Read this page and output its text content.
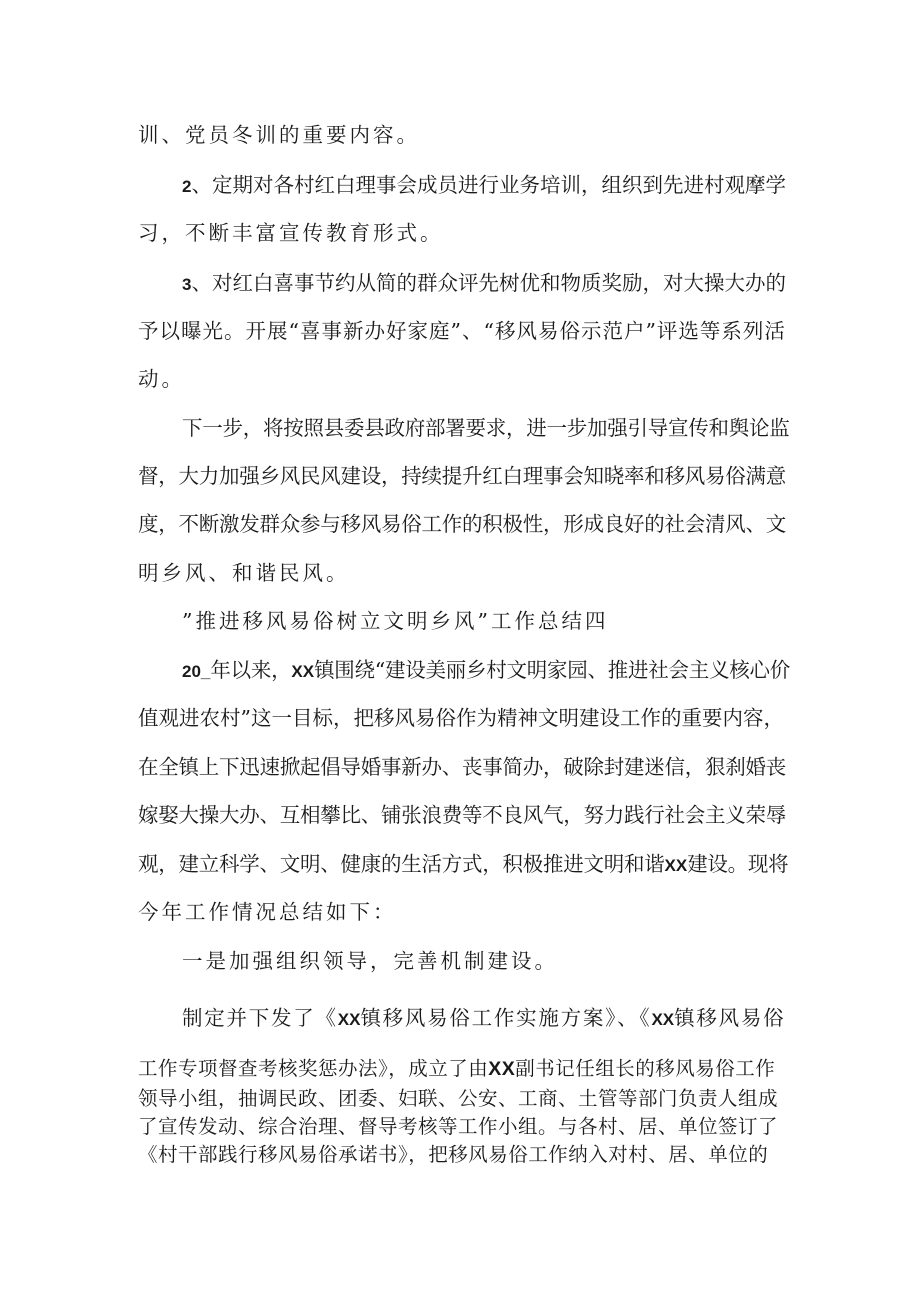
训、党员冬训的重要内容。
2、定期对各村红白理事会成员进行业务培训，组织到先进村观摩学
习，不断丰富宣传教育形式。
3、对红白喜事节约从简的群众评先树优和物质奖励，对大操大办的
予以曝光。开展“喜事新办好家庭”、“移风易俗示范户”评选等系列活
动。
下一步，将按照县委县政府部署要求，进一步加强引导宣传和舆论监
督，大力加强乡风民风建设，持续提升红白理事会知晓率和移风易俗满意
度，不断激发群众参与移风易俗工作的积极性，形成良好的社会清风、文
明乡风、和谐民风。
”推进移风易俗树立文明乡风”工作总结四
20_年以来，XX镇围绕“建设美丽乡村文明家园、推进社会主义核心价
值观进农村”这一目标，把移风易俗作为精神文明建设工作的重要内容，
在全镇上下迅速掀起倡导婚事新办、丧事简办，破除封建迷信，狠刹婚丧
嫁娶大操大办、互相攀比、铺张浪费等不良风气，努力践行社会主义荣辱
观，建立科学、文明、健康的生活方式，积极推进文明和谐XX建设。现将
今年工作情况总结如下：
一是加强组织领导，完善机制建设。
制定并下发了《XX镇移风易俗工作实施方案》、《XX镇移风易俗
工作专项督查考核奖惩办法》，成立了由XX副书记任组长的移风易俗工作
领导小组，抽调民政、团委、妇联、公安、工商、土管等部门负责人组成
了宣传发动、综合治理、督导考核等工作小组。与各村、居、单位签订了
《村干部践行移风易俗承诺书》，把移风易俗工作纳入对村、居、单位的
